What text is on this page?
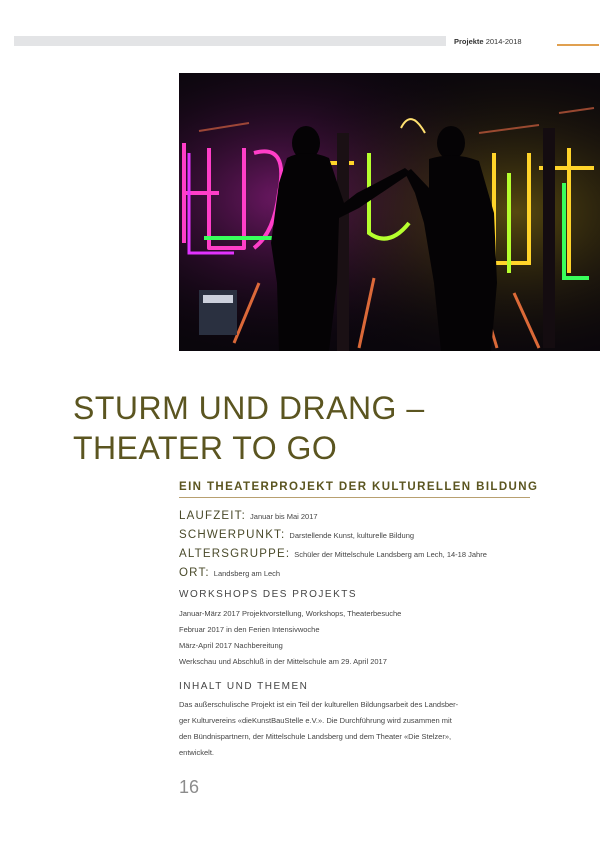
Projekte 2014-2018
STURM UND DRANG –
THEATER TO GO
EIN THEATERPROJEKT DER KULTURELLEN BILDUNG
LAUFZEIT: Januar bis Mai 2017
SCHWERPUNKT: Darstellende Kunst, kulturelle Bildung
ALTERSGRUPPE: Schüler der Mittelschule Landsberg am Lech, 14-18 Jahre
ORT: Landsberg am Lech
WORKSHOPS DES PROJEKTS
Januar-März 2017 Projektvorstellung, Workshops, Theaterbesuche
Februar 2017 in den Ferien Intensivwoche
März-April 2017 Nachbereitung
Werkschau und Abschluß in der Mittelschule am 29. April 2017
INHALT UND THEMEN
Das außerschulische Projekt ist ein Teil der kulturellen Bildungsarbeit des Landsber-
ger Kulturvereins «dieKunstBauStelle e.V.». Die Durchführung wird zusammen mit
den Bündnispartnern, der Mittelschule Landsberg und dem Theater «Die Stelzer»,
entwickelt.
16
